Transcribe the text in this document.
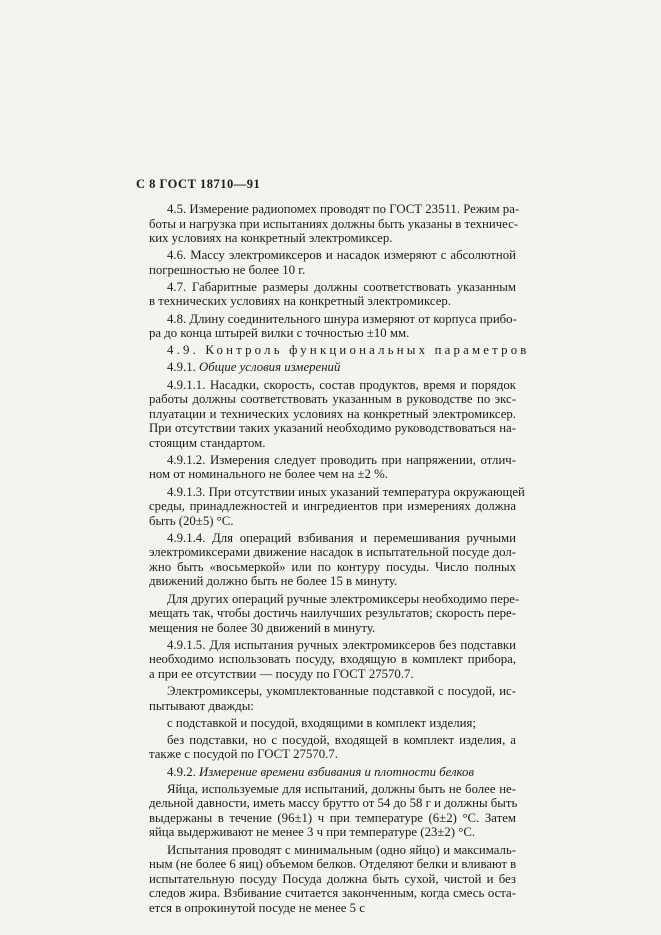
С 8 ГОСТ 18710—91
4.5. Измерение радиопомех проводят по ГОСТ 23511. Режим ра-
боты и нагрузка при испытаниях должны быть указаны в техничес-
ких условиях на конкретный электромиксер.
4.6. Массу электромиксеров и насадок измеряют с абсолютной
погрешностью не более 10 г.
4.7. Габаритные размеры должны соответствовать указанным
в технических условиях на конкретный электромиксер.
4.8. Длину соединительного шнура измеряют от корпуса прибо-
ра до конца штырей вилки с точностью ±10 мм.
4.9. Контроль функциональных параметров
4.9.1. Общие условия измерений
4.9.1.1. Насадки, скорость, состав продуктов, время и порядок
работы должны соответствовать указанным в руководстве по экс-
плуатации и технических условиях на конкретный электромиксер.
При отсутствии таких указаний необходимо руководствоваться на-
стоящим стандартом.
4.9.1.2. Измерения следует проводить при напряжении, отлич-
ном от номинального не более чем на ±2 %.
4.9.1.3. При отсутствии иных указаний температура окружающей
среды, принадлежностей и ингредиентов при измерениях должна
быть (20±5) °С.
4.9.1.4. Для операций взбивания и перемешивания ручными
электромиксерами движение насадок в испытательной посуде дол-
жно быть «восьмеркой» или по контуру посуды. Число полных
движений должно быть не более 15 в минуту.
Для других операций ручные электромиксеры необходимо пере-
мещать так, чтобы достичь наилучших результатов; скорость пере-
мещения не более 30 движений в минуту.
4.9.1.5. Для испытания ручных электромиксеров без подставки
необходимо использовать посуду, входящую в комплект прибора,
а при ее отсутствии — посуду по ГОСТ 27570.7.
Электромиксеры, укомплектованные подставкой с посудой, ис-
пытывают дважды:
с подставкой и посудой, входящими в комплект изделия;
без подставки, но с посудой, входящей в комплект изделия, а
также с посудой по ГОСТ 27570.7.
4.9.2. Измерение времени взбивания и плотности белков
Яйца, используемые для испытаний, должны быть не более не-
дельной давности, иметь массу брутто от 54 до 58 г и должны быть
выдержаны в течение (96±1) ч при температуре (6±2) °С. Затем
яйца выдерживают не менее 3 ч при температуре (23±2) °С.
Испытания проводят с минимальным (одно яйцо) и максималь-
ным (не более 6 яиц) объемом белков. Отделяют белки и вливают в
испытательную посуду Посуда должна быть сухой, чистой и без
следов жира. Взбивание считается законченным, когда смесь оста-
ется в опрокинутой посуде не менее 5 с
